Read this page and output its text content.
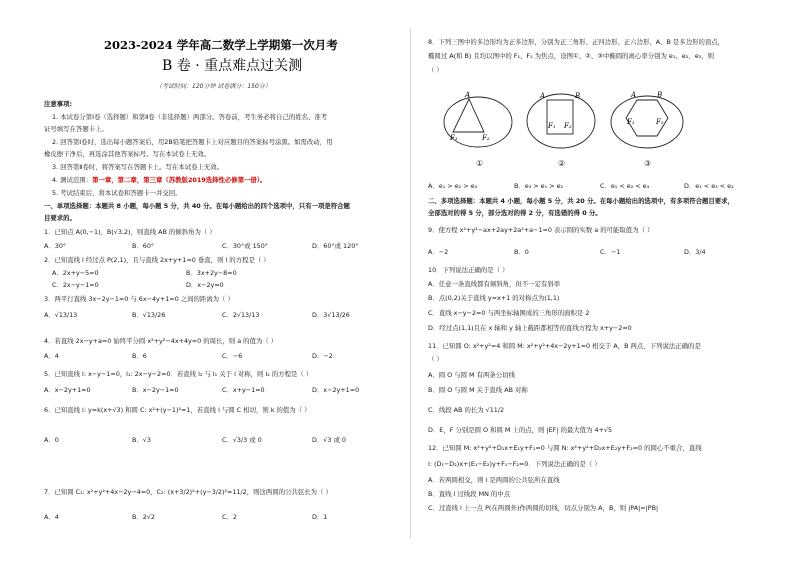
2023-2024 学年高二数学上学期第一次月考
B 卷 · 重点难点过关测
（考试时间：120分钟 试卷满分：150分）
注意事项:
1. 本试卷分第Ⅰ卷（选择题）和第Ⅱ卷（非选择题）两部分。答卷前，考生务必将自己的姓名、准考
证号填写在答题卡上。
2. 回答第Ⅰ卷时，选出每小题答案后，用2B铅笔把答题卡上对应题目的答案标号涂黑。如需改动，用
橡皮擦干净后，再选涂其他答案标号。写在本试卷上无效。
3. 回答第Ⅱ卷时，将答案写在答题卡上。写在本试卷上无效。
4. 测试范围：第一章，第二章，第三章（苏教版2019选择性必修第一册）。
5. 考试结束后，将本试卷和答题卡一并交回。
一、单项选择题：本题共 8 小题，每小题 5 分，共 40 分。在每小题给出的四个选项中，只有一项是符合题
目要求的。
1．已知点 A(0,−1)，B(√3,2)，则直线 AB 的倾斜角为（ ）
A．30°	B．60°	C．30°或 150°	D．60°或 120°
2．已知直线 l 经过点 P(2,1)，且与直线 2x+y+1=0 垂直，则 l 的方程是（ ）
A．2x+y−5=0	B．3x+2y−8=0
C．2x−y−1=0	D．x−2y=0
3．两平行直线 3x−2y−1=0 与 6x−4y+1=0 之间的距离为（ ）
A．√13/13	B．√13/26	C．2√13/13	D．3√13/26
4．若直线 2x−y+a=0 始终平分圆 x²+y²−4x+4y=0 的周长，则 a 的值为（ ）
A．4	B．6	C．−6	D．−2
5．已知直线 l: x−y−1=0，l₁: 2x−y−2=0．若直线 l₂ 与 l₁ 关于 l 对称，则 l₂ 的方程是（ ）
A．x−2y+1=0	B．x−2y−1=0	C．x+y−1=0	D．x−2y+1=0
6．已知直线 l: y=k(x+√3) 和圆 C: x²+(y−1)²=1，若直线 l 与圆 C 相切，则 k 的值为（ ）
A．0	B．√3	C．√3/3 或 0	D．√3 或 0
7．已知圆 C₁: x²+y²+4x−2y−4=0，C₂: (x+3/2)²+(y−3/2)²=11/2，则这两圆的公共弦长为（ ）
A．4	B．2√2	C．2	D．1
8．下列三图中的多边形均为正多边形，分别为正三角形、正四边形、正六边形，A、B 是多边形的顶点，
椭圆过 A(和 B) 且均以图中的 F₁、F₂ 为焦点，设图①、②、③中椭圆的离心率分别为 e₁、e₂、e₃，则
（ ）
A
F₁	F₂
①
A	B
F₁ F₂
②
A	B
F₁	F₂
③
A．e₁ > e₂ > e₃	B．e₃ > e₁ > e₂	C．e₁ < e₂ < e₃	D．e₁ < e₃ < e₂
二、多项选择题：本题共 4 小题，每小题 5 分，共 20 分。在每小题给出的选项中，有多项符合题目要求，
全部选对的得 5 分，部分选对的得 2 分，有选错的得 0 分。
9．使方程 x²+y²−ax+2ay+2a²+a−1=0 表示圆的实数 a 的可能取值为（ ）
A．−2	B．0	C．−1	D．3/4
10．下列说法正确的是（ ）
A．任意一条直线都有倾斜角，但不一定有斜率
B．点(0,2)关于直线 y=x+1 的对称点为(1,1)
C．直线 x−y−2=0 与两坐标轴围成的三角形的面积是 2
D．经过点(1,1)且在 x 轴和 y 轴上截距都相等的直线方程为 x+y−2=0
11．已知圆 O: x²+y²=4 和圆 M: x²+y²+4x−2y+1=0 相交于 A，B 两点，下列说法正确的是
（ ）
A．圆 O 与圆 M 有两条公切线
B．圆 O 与圆 M 关于直线 AB 对称
C．线段 AB 的长为 √11/2
D．E，F 分别是圆 O 和圆 M 上的点，则 |EF| 的最大值为 4+√5
12．已知圆 M: x²+y²+D₁x+E₁y+F₁=0 与圆 N: x²+y²+D₂x+E₂y+F₂=0 的圆心不重合，直线
l: (D₁−D₂)x+(E₁−E₂)y+F₁−F₂=0．下列说法正确的是（ ）
A．若两圆相交，则 l 是两圆的公共弦所在直线
B．直线 l 过线段 MN 的中点
C．过直线 l 上一点 P(在两圆外)作两圆的切线，切点分别为 A，B，则 |PA|=|PB|
